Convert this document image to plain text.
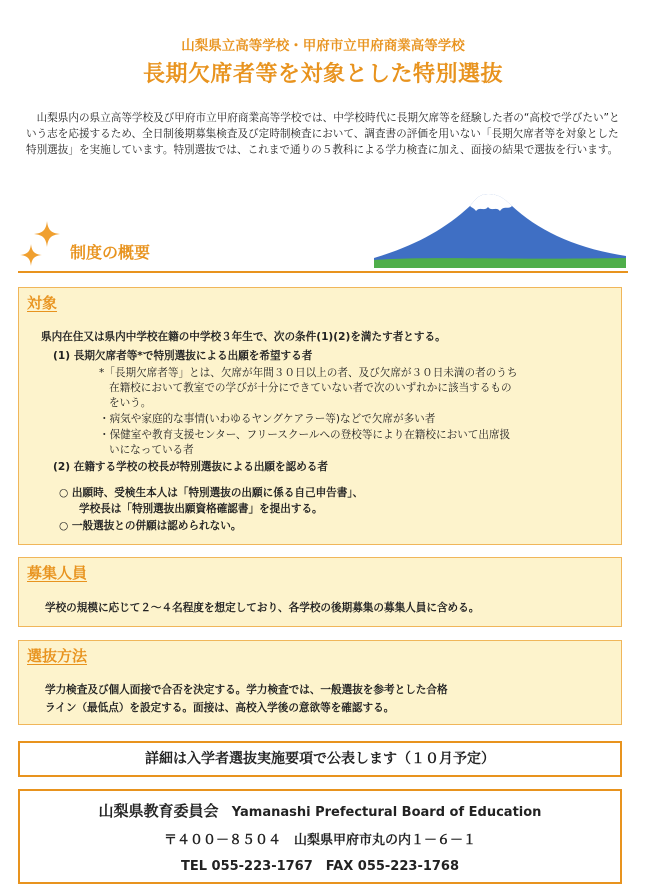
山梨県立高等学校・甲府市立甲府商業高等学校
長期欠席者等を対象とした特別選抜
山梨県内の県立高等学校及び甲府市立甲府商業高等学校では、中学校時代に長期欠席等を経験した者の“高校で学びたい”という志を応援するため、全日制後期募集検査及び定時制検査において、調査書の評価を用いない「長期欠席者等を対象とした特別選抜」を実施しています。特別選抜では、これまで通りの５教科による学力検査に加え、面接の結果で選抜を行います。
制度の概要
対象
県内在住又は県内中学校在籍の中学校３年生で、次の条件(1)(2)を満たす者とする。
(1) 長期欠席者等*で特別選抜による出願を希望する者
*「長期欠席者等」とは、欠席が年間３０日以上の者、及び欠席が３０日未満の者のうち
在籍校において教室での学びが十分にできていない者で次のいずれかに該当するもの
をいう。
・病気や家庭的な事情(いわゆるヤングケアラー等)などで欠席が多い者
・保健室や教育支援センター、フリースクールへの登校等により在籍校において出席扱
いになっている者
(2) 在籍する学校の校長が特別選抜による出願を認める者
○ 出願時、受検生本人は「特別選抜の出願に係る自己申告書」、
学校長は「特別選抜出願資格確認書」を提出する。
○ 一般選抜との併願は認められない。
募集人員
学校の規模に応じて２～４名程度を想定しており、各学校の後期募集の募集人員に含める。
選抜方法
学力検査及び個人面接で合否を決定する。学力検査では、一般選抜を参考とした合格
ライン（最低点）を設定する。面接は、高校入学後の意欲等を確認する。
詳細は入学者選抜実施要項で公表します（１０月予定）
山梨県教育委員会 Yamanashi Prefectural Board of Education
〒４００－８５０４　山梨県甲府市丸の内１－６－１
TEL 055-223-1767　FAX 055-223-1768
